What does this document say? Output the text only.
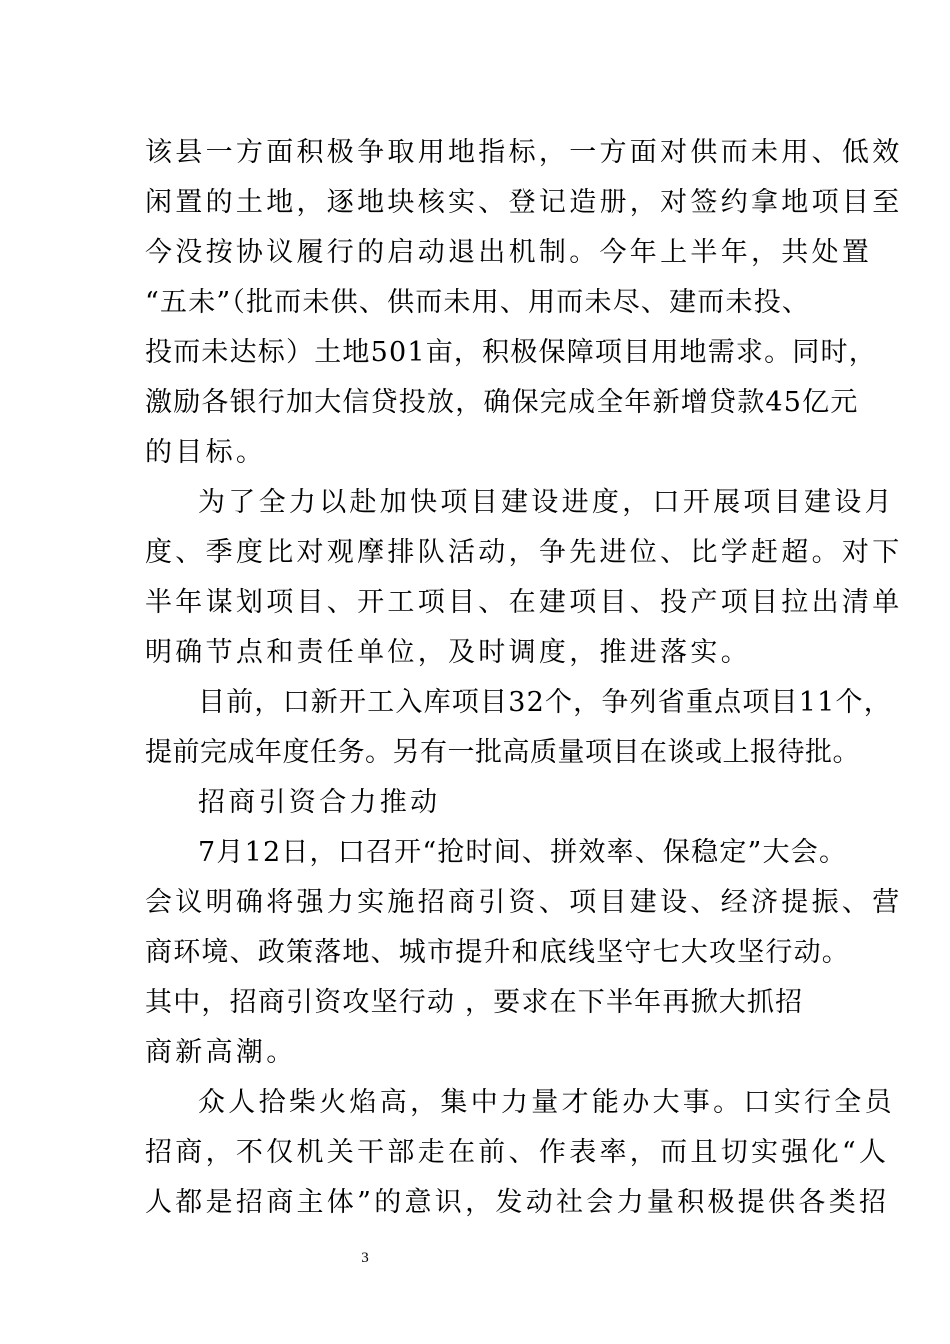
该县一方面积极争取用地指标，一方面对供而未用、低效
闲置的土地，逐地块核实、登记造册，对签约拿地项目至
今没按协议履行的启动退出机制。今年上半年，共处置
“五未”（批而未供、供而未用、用而未尽、建而未投、
投而未达标）土地501亩，积极保障项目用地需求。同时，
激励各银行加大信贷投放，确保完成全年新增贷款45亿元
的目标。
为了全力以赴加快项目建设进度，口开展项目建设月
度、季度比对观摩排队活动，争先进位、比学赶超。对下
半年谋划项目、开工项目、在建项目、投产项目拉出清单
明确节点和责任单位，及时调度，推进落实。
目前，口新开工入库项目32个，争列省重点项目11个，
提前完成年度任务。另有一批高质量项目在谈或上报待批。
招商引资合力推动
7月12日，口召开“抢时间、拼效率、保稳定”大会。
会议明确将强力实施招商引资、项目建设、经济提振、营
商环境、政策落地、城市提升和底线坚守七大攻坚行动。
其中，招商引资攻坚行动 ，要求在下半年再掀大抓招
商新高潮。
众人拾柴火焰高，集中力量才能办大事。口实行全员
招商，不仅机关干部走在前、作表率，而且切实强化“人
人都是招商主体”的意识，发动社会力量积极提供各类招
3
